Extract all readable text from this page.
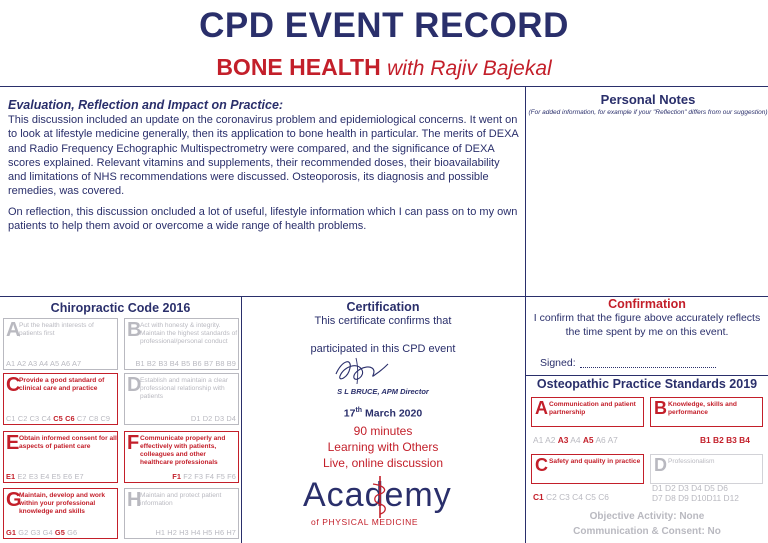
CPD EVENT RECORD
BONE HEALTH with Rajiv Bajekal
Evaluation, Reflection and Impact on Practice:
This discussion included an update on the coronavirus problem and epidemiological concerns. It went on to look at lifestyle medicine generally, then its application to bone health in particular. The merits of DEXA and Radio Frequency Echographic Multispectrometry were compared, and the significance of DEXA scores explained. Relevant vitamins and supplements, their recommended doses, their bioavailability and limitations of NHS recommendations were discussed. Osteoporosis, its diagnosis and possible remedies, was covered.
On reflection, this discussion oncluded a lot of useful, lifestyle information which I can pass on to my own patients to help them avoid or overcome a wide range of health problems.
Personal Notes
(For added information, for example if your "Reflection" differs from our suggestion)
Chiropractic Code 2016
A
Put the health interests of patients first
A1 A2 A3 A4 A5 A6 A7
B
Act with honesty & integrity. Maintain the highest standards of professional/personal conduct
B1 B2 B3 B4 B5 B6 B7 B8 B9
C
Provide a good standard of clinical care and practice
C1 C2 C3 C4 C5 C6 C7 C8 C9
D
Establish and maintain a clear professional relationship with patients
D1 D2 D3 D4
E Obtain informed consent for all aspects of patient care
E1 E2 E3 E4 E5 E6 E7
F Communicate properly and effectively with patients, colleagues and other healthcare professionals
F1 F2 F3 F4 F5 F6
G
Maintain, develop and work within your professional knowledge and skills
G1 G2 G3 G4 G5 G6
H
Maintain and protect patient information
H1 H2 H3 H4 H5 H6 H7
Certification
This certificate confirms that
participated in this CPD event
S L BRUCE, APM Director
17th March 2020
90 minutes
Learning with Others
Live, online discussion
Academy
of PHYSICAL MEDICINE
Confirmation
I confirm that the figure above accurately reflects the time spent by me on this event.
Signed:
Osteopathic Practice Standards 2019
A Communication and patient partnership
A1 A2 A3 A4 A5 A6 A7
B Knowledge, skills and performance
B1 B2 B3 B4
C Safety and quality in practice
C1 C2 C3 C4 C5 C6
D Professionalism
D1 D2 D3 D4 D5 D6
D7 D8 D9 D10D11 D12
Objective Activity: None
Communication & Consent: No
